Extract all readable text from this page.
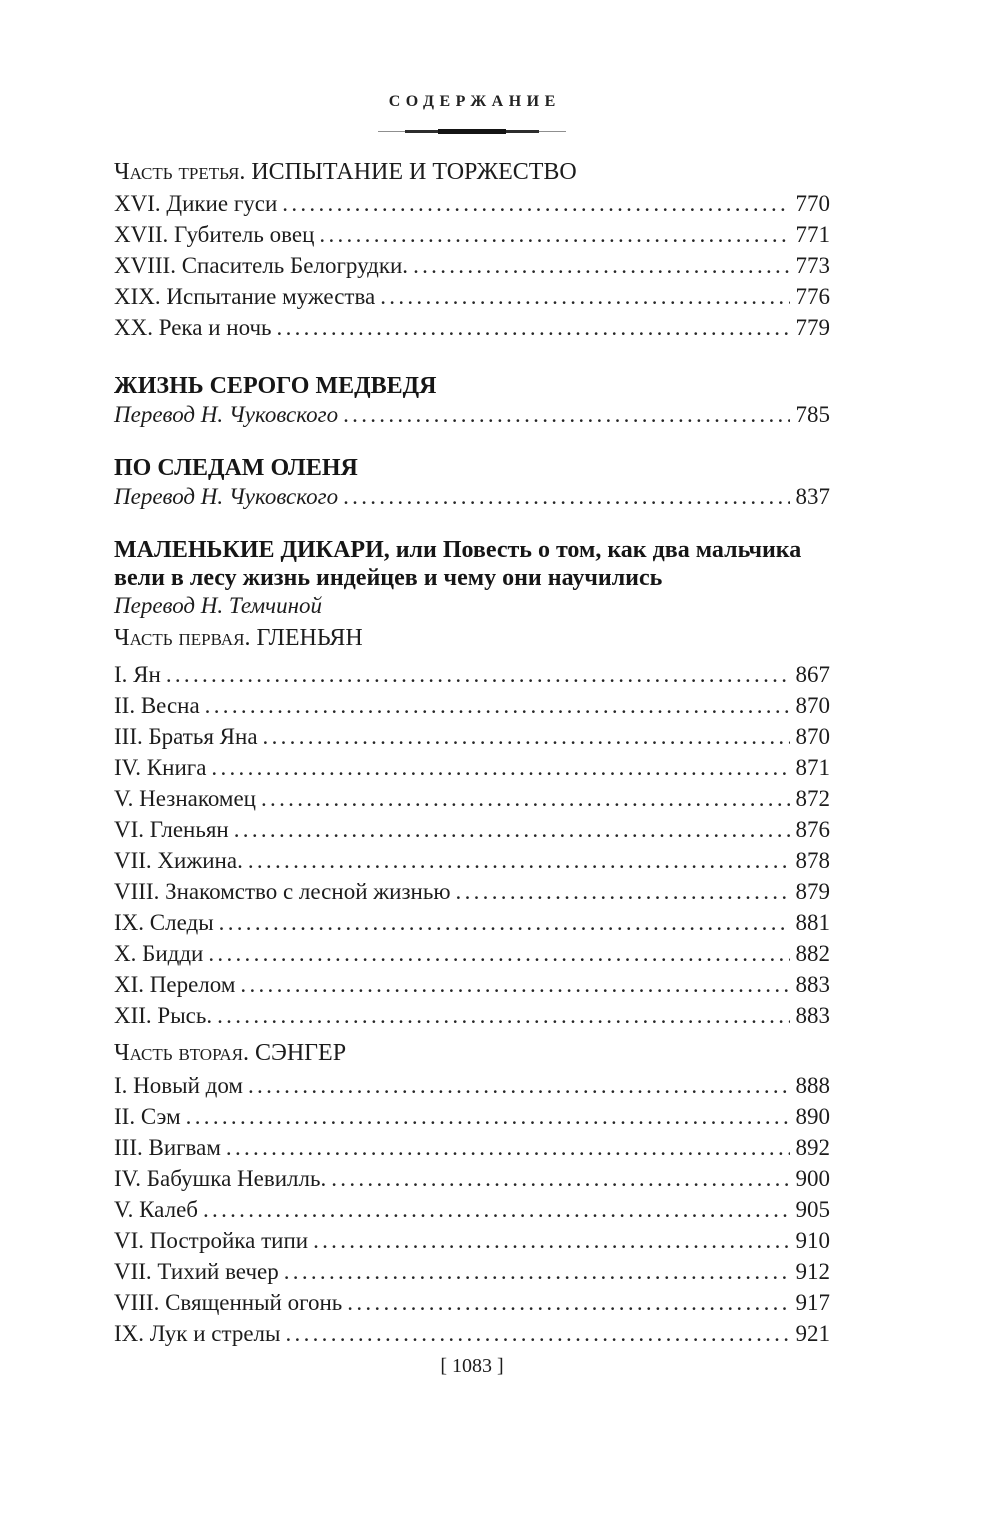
СОДЕРЖАНИЕ
Часть третья. ИСПЫТАНИЕ И ТОРЖЕСТВО
XVI. Дикие гуси .....	770
XVII. Губитель овец .....	771
XVIII. Спаситель Белогрудки. .....	773
XIX. Испытание мужества .....	776
XX. Река и ночь .....	779
ЖИЗНЬ СЕРОГО МЕДВЕДЯ
Перевод Н. Чуковского .....	785
ПО СЛЕДАМ ОЛЕНЯ
Перевод Н. Чуковского .....	837
МАЛЕНЬКИЕ ДИКАРИ, или Повесть о том, как два мальчика вели в лесу жизнь индейцев и чему они научились
Перевод Н. Темчиной
Часть первая. ГЛЕНЬЯН
I. Ян .....	867
II. Весна .....	870
III. Братья Яна .....	870
IV. Книга .....	871
V. Незнакомец .....	872
VI. Гленьян .....	876
VII. Хижина. .....	878
VIII. Знакомство с лесной жизнью .....	879
IX. Следы .....	881
X. Бидди .....	882
XI. Перелом .....	883
XII. Рысь. .....	883
Часть вторая. СЭНГЕР
I. Новый дом .....	888
II. Сэм .....	890
III. Вигвам .....	892
IV. Бабушка Невилль. .....	900
V. Калеб .....	905
VI. Постройка типи .....	910
VII. Тихий вечер .....	912
VIII. Священный огонь .....	917
IX. Лук и стрелы .....	921
[ 1083 ]
